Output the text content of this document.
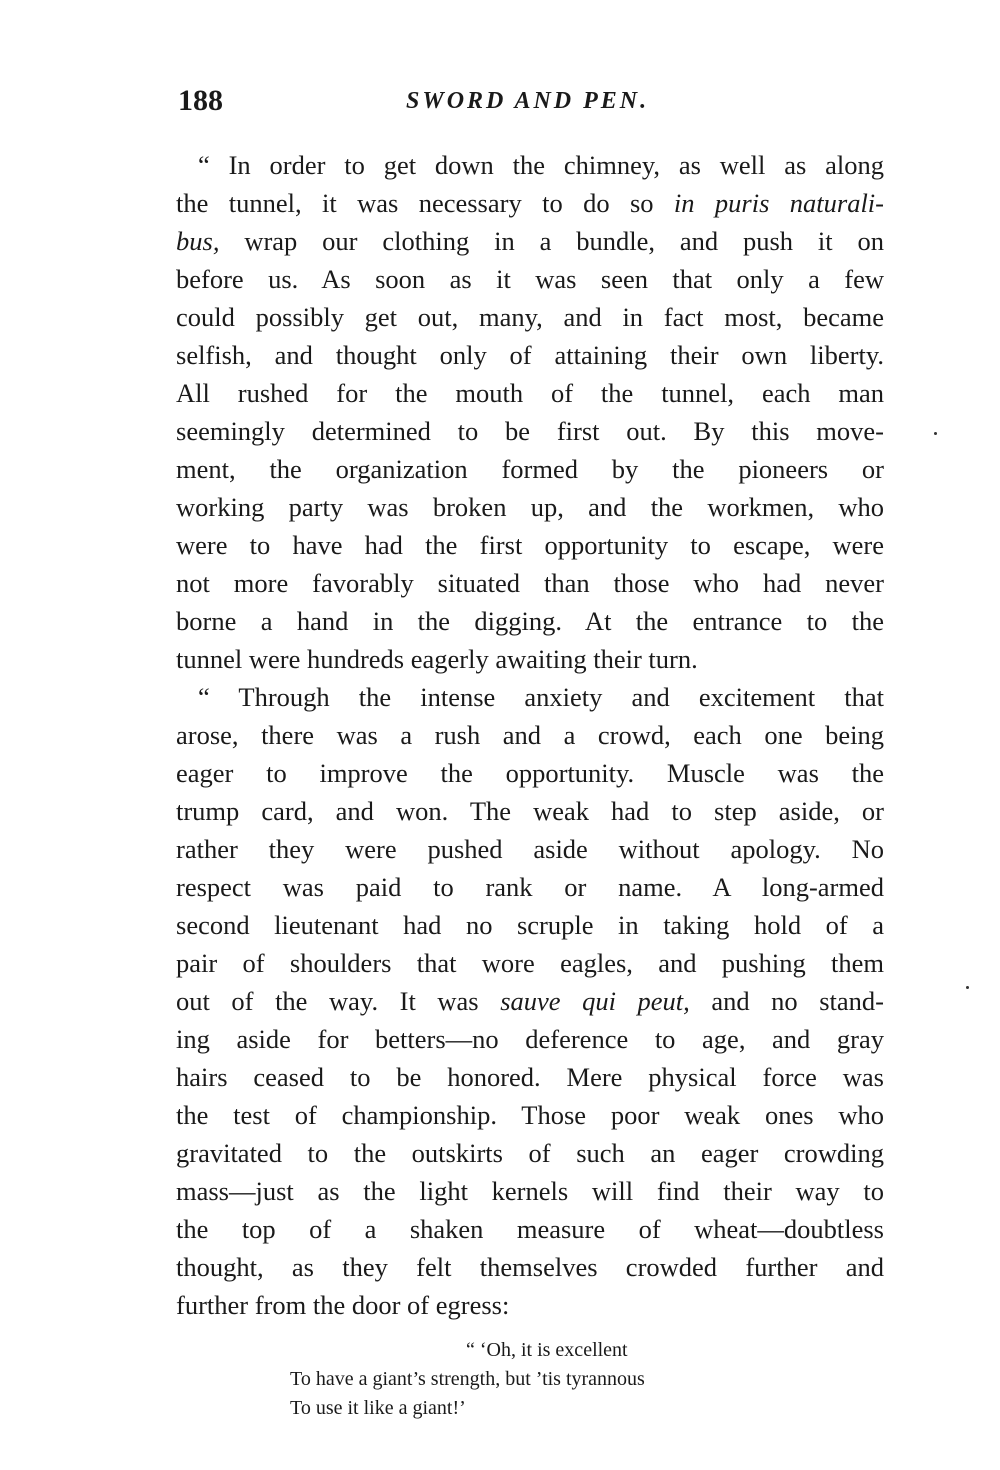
188	SWORD AND PEN.
“ In order to get down the chimney, as well as along
the tunnel, it was necessary to do so in puris naturali-
bus, wrap our clothing in a bundle, and push it on
before us. As soon as it was seen that only a few
could possibly get out, many, and in fact most, became
selfish, and thought only of attaining their own liberty.
All rushed for the mouth of the tunnel, each man
seemingly determined to be first out. By this move-
ment, the organization formed by the pioneers or
working party was broken up, and the workmen, who
were to have had the first opportunity to escape, were
not more favorably situated than those who had never
borne a hand in the digging. At the entrance to the
tunnel were hundreds eagerly awaiting their turn.
“ Through the intense anxiety and excitement that
arose, there was a rush and a crowd, each one being
eager to improve the opportunity. Muscle was the
trump card, and won. The weak had to step aside, or
rather they were pushed aside without apology. No
respect was paid to rank or name. A long-armed
second lieutenant had no scruple in taking hold of a
pair of shoulders that wore eagles, and pushing them
out of the way. It was sauve qui peut, and no stand-
ing aside for betters—no deference to age, and gray
hairs ceased to be honored. Mere physical force was
the test of championship. Those poor weak ones who
gravitated to the outskirts of such an eager crowding
mass—just as the light kernels will find their way to
the top of a shaken measure of wheat—doubtless
thought, as they felt themselves crowded further and
further from the door of egress:
“ ‘Oh, it is excellent
To have a giant’s strength, but ’tis tyrannous
To use it like a giant!’
